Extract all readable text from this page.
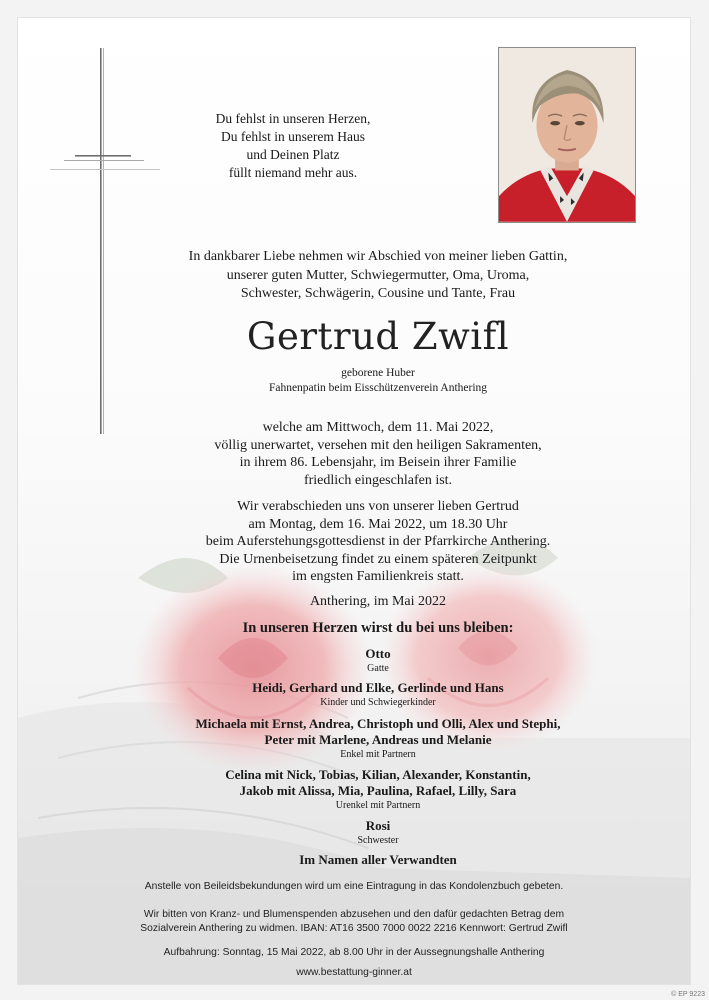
Du fehlst in unseren Herzen,
Du fehlst in unserem Haus
und Deinen Platz
füllt niemand mehr aus.
In dankbarer Liebe nehmen wir Abschied von meiner lieben Gattin,
unserer guten Mutter, Schwiegermutter, Oma, Uroma,
Schwester, Schwägerin, Cousine und Tante, Frau
Gertrud Zwifl
geborene Huber
Fahnenpatin beim Eisschützenverein Anthering
welche am Mittwoch, dem 11. Mai 2022,
völlig unerwartet, versehen mit den heiligen Sakramenten,
in ihrem 86. Lebensjahr, im Beisein ihrer Familie
friedlich eingeschlafen ist.
Wir verabschieden uns von unserer lieben Gertrud
am Montag, dem 16. Mai 2022, um 18.30 Uhr
beim Auferstehungsgottesdienst in der Pfarrkirche Anthering.
Die Urnenbeisetzung findet zu einem späteren Zeitpunkt
im engsten Familienkreis statt.
Anthering, im Mai 2022
In unseren Herzen wirst du bei uns bleiben:
Otto
Gatte
Heidi, Gerhard und Elke, Gerlinde und Hans
Kinder und Schwiegerkinder
Michaela mit Ernst, Andrea, Christoph und Olli, Alex und Stephi,
Peter mit Marlene, Andreas und Melanie
Enkel mit Partnern
Celina mit Nick, Tobias, Kilian, Alexander, Konstantin,
Jakob mit Alissa, Mia, Paulina, Rafael, Lilly, Sara
Urenkel mit Partnern
Rosi
Schwester
Im Namen aller Verwandten
Anstelle von Beileidsbekundungen wird um eine Eintragung in das Kondolenzbuch gebeten.
Wir bitten von Kranz- und Blumenspenden abzusehen und den dafür gedachten Betrag dem
Sozialverein Anthering zu widmen. IBAN: AT16 3500 7000 0022 2216 Kennwort: Gertrud Zwifl
Aufbahrung: Sonntag, 15 Mai 2022, ab 8.00 Uhr in der Aussegnungshalle Anthering
www.bestattung-ginner.at
© EP 9223
